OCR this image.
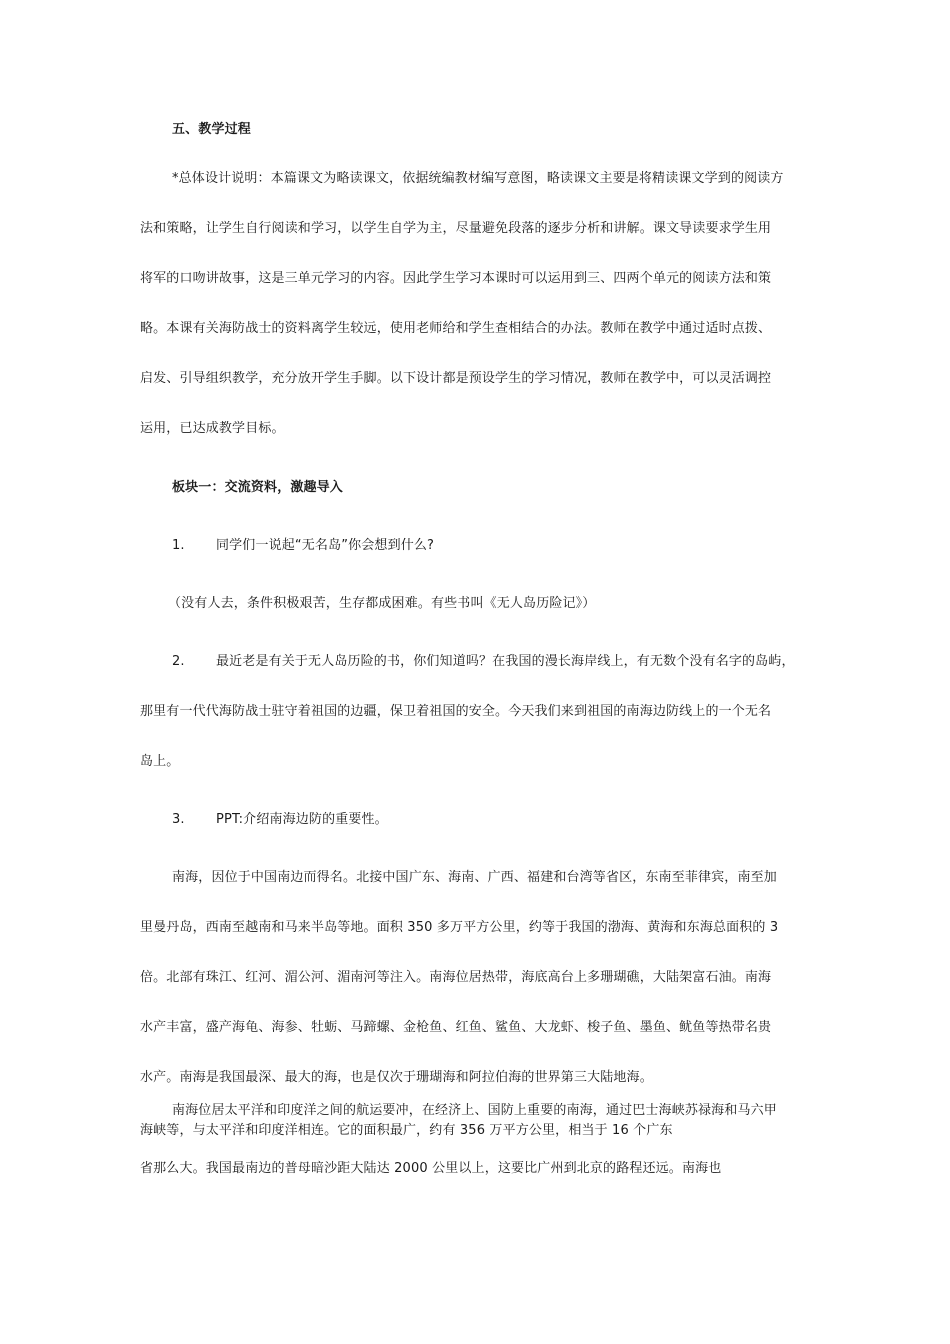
五、教学过程
*总体设计说明：本篇课文为略读课文，依据统编教材编写意图，略读课文主要是将精读课文学到的阅读方
法和策略，让学生自行阅读和学习，以学生自学为主，尽量避免段落的逐步分析和讲解。课文导读要求学生用
将军的口吻讲故事，这是三单元学习的内容。因此学生学习本课时可以运用到三、四两个单元的阅读方法和策
略。本课有关海防战士的资料离学生较远，使用老师给和学生查相结合的办法。教师在教学中通过适时点拨、
启发、引导组织教学，充分放开学生手脚。以下设计都是预设学生的学习情况，教师在教学中，可以灵活调控
运用，已达成教学目标。
板块一：交流资料，激趣导入
1. 同学们一说起“无名岛”你会想到什么?
（没有人去，条件积极艰苦，生存都成困难。有些书叫《无人岛历险记》）
2. 最近老是有关于无人岛历险的书，你们知道吗？在我国的漫长海岸线上，有无数个没有名字的岛屿，
那里有一代代海防战士驻守着祖国的边疆，保卫着祖国的安全。今天我们来到祖国的南海边防线上的一个无名
岛上。
3. PPT:介绍南海边防的重要性。
南海，因位于中国南边而得名。北接中国广东、海南、广西、福建和台湾等省区，东南至菲律宾，南至加
里曼丹岛，西南至越南和马来半岛等地。面积 350 多万平方公里，约等于我国的渤海、黄海和东海总面积的 3
倍。北部有珠江、红河、湄公河、湄南河等注入。南海位居热带，海底高台上多珊瑚礁，大陆架富石油。南海
水产丰富，盛产海龟、海参、牡蛎、马蹄螺、金枪鱼、红鱼、鲨鱼、大龙虾、梭子鱼、墨鱼、鱿鱼等热带名贵
水产。南海是我国最深、最大的海，也是仅次于珊瑚海和阿拉伯海的世界第三大陆地海。
南海位居太平洋和印度洋之间的航运要冲，在经济上、国防上重要的南海，通过巴士海峡苏禄海和马六甲
海峡等，与太平洋和印度洋相连。它的面积最广，约有 356 万平方公里，相当于 16 个广东
省那么大。我国最南边的普母暗沙距大陆达 2000 公里以上，这要比广州到北京的路程还远。南海也
